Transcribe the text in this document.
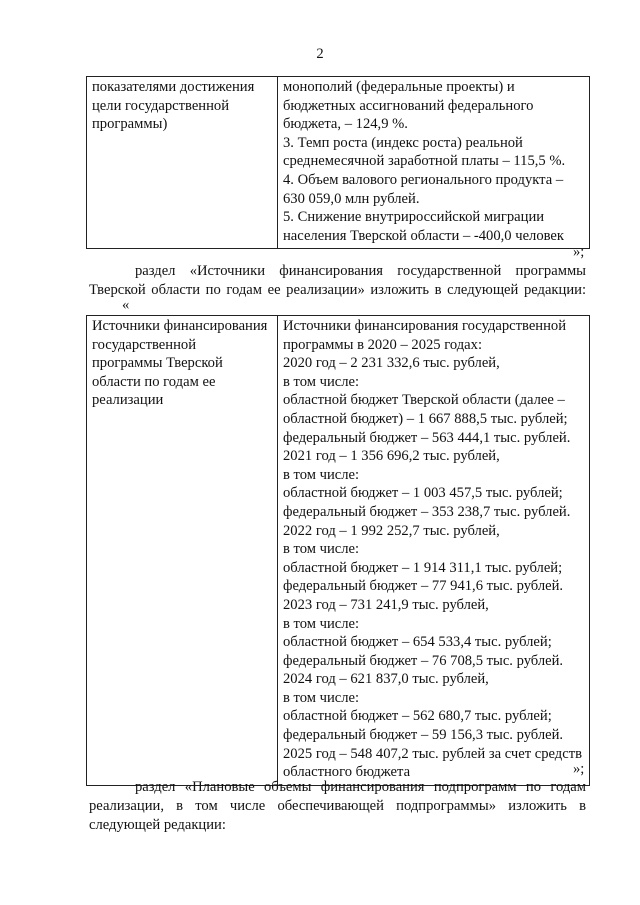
2
показателями достижения
цели государственной
программы)

монополий (федеральные проекты) и
бюджетных ассигнований федерального
бюджета, – 124,9 %.
3. Темп роста (индекс роста) реальной
среднемесячной заработной платы – 115,5 %.
4. Объем валового регионального продукта –
630 059,0 млн рублей.
5. Снижение внутрироссийской миграции
населения Тверской области – -400,0 человек
»;
раздел «Источники финансирования государственной программы
Тверской области по годам ее реализации» изложить в следующей редакции:
«
Источники финансирования
государственной
программы Тверской
области по годам ее
реализации

Источники финансирования государственной
программы в 2020 – 2025 годах:
2020 год – 2 231 332,6 тыс. рублей,
в том числе:
областной бюджет Тверской области (далее –
областной бюджет) – 1 667 888,5 тыс. рублей;
федеральный бюджет – 563 444,1 тыс. рублей.
2021 год – 1 356 696,2 тыс. рублей,
в том числе:
областной бюджет – 1 003 457,5 тыс. рублей;
федеральный бюджет – 353 238,7 тыс. рублей.
2022 год – 1 992 252,7 тыс. рублей,
в том числе:
областной бюджет – 1 914 311,1 тыс. рублей;
федеральный бюджет – 77 941,6 тыс. рублей.
2023 год – 731 241,9 тыс. рублей,
в том числе:
областной бюджет – 654 533,4 тыс. рублей;
федеральный бюджет – 76 708,5 тыс. рублей.
2024 год – 621 837,0 тыс. рублей,
в том числе:
областной бюджет – 562 680,7 тыс. рублей;
федеральный бюджет – 59 156,3 тыс. рублей.
2025 год – 548 407,2 тыс. рублей за счет средств
областного бюджета	»;
раздел «Плановые объемы финансирования подпрограмм по годам
реализации, в том числе обеспечивающей подпрограммы» изложить в
следующей редакции:
